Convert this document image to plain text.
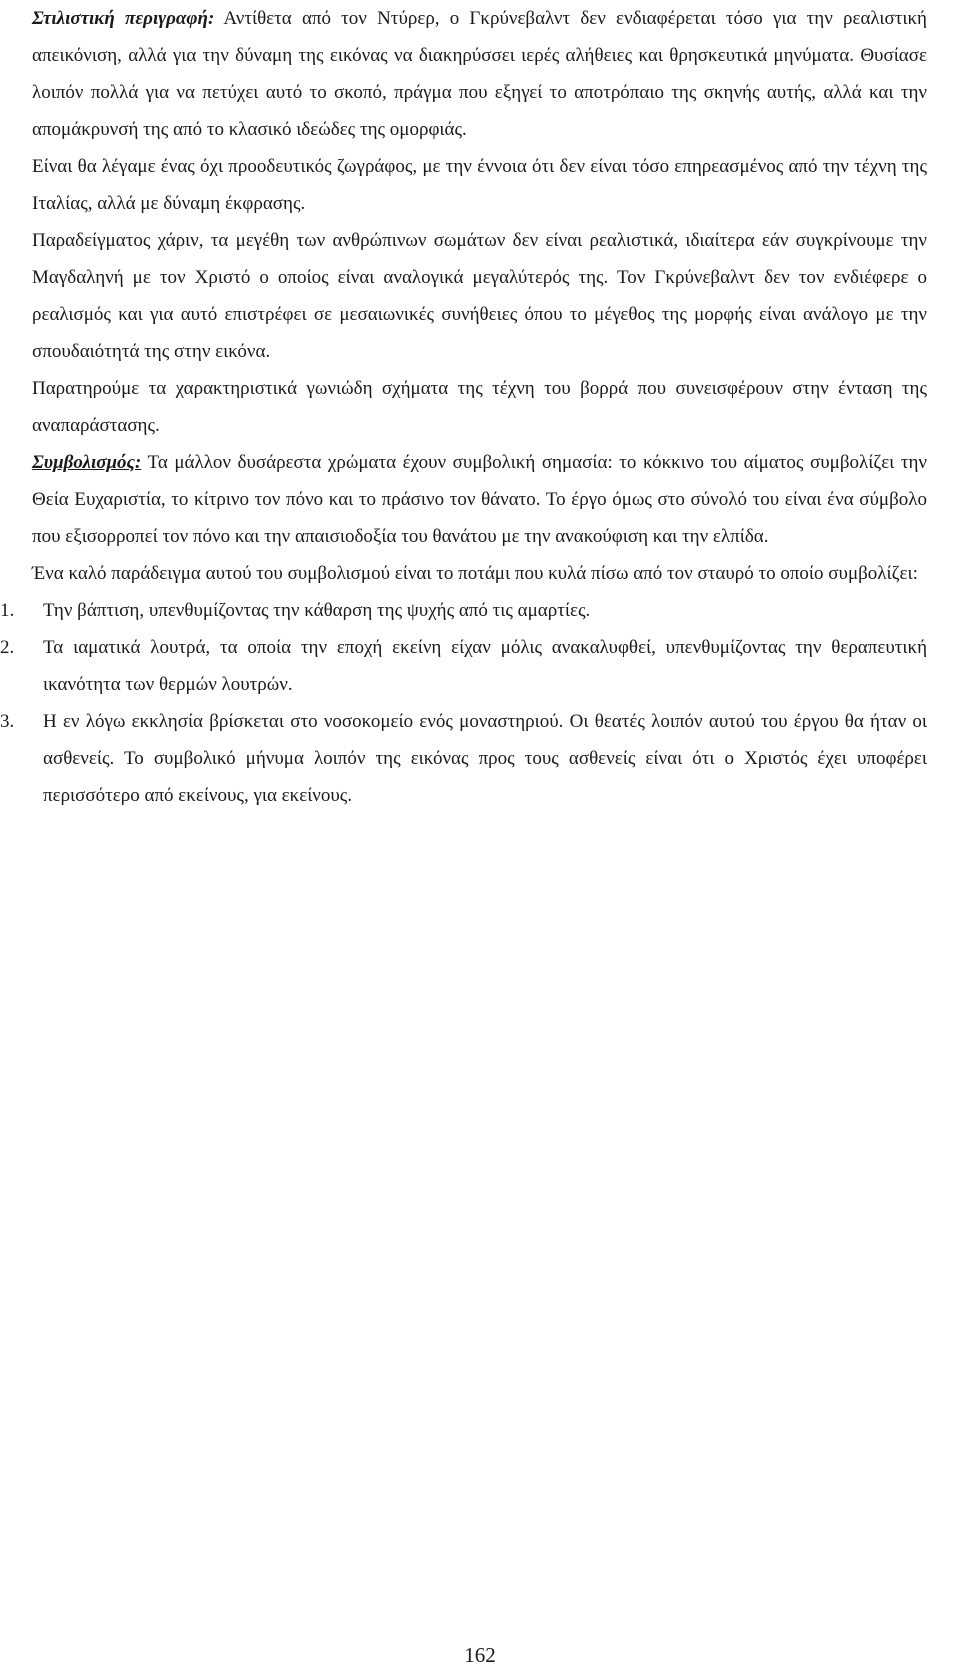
Στιλιστική περιγραφή: Αντίθετα από τον Ντύρερ, ο Γκρύνεβαλντ δεν ενδιαφέρεται τόσο για την ρεαλιστική απεικόνιση, αλλά για την δύναμη της εικόνας να διακηρύσσει ιερές αλήθειες και θρησκευτικά μηνύματα. Θυσίασε λοιπόν πολλά για να πετύχει αυτό το σκοπό, πράγμα που εξηγεί το αποτρόπαιο της σκηνής αυτής, αλλά και την απομάκρυνσή της από το κλασικό ιδεώδες της ομορφιάς.

Είναι θα λέγαμε ένας όχι προοδευτικός ζωγράφος, με την έννοια ότι δεν είναι τόσο επηρεασμένος από την τέχνη της Ιταλίας, αλλά με δύναμη έκφρασης.

Παραδείγματος χάριν, τα μεγέθη των ανθρώπινων σωμάτων δεν είναι ρεαλιστικά, ιδιαίτερα εάν συγκρίνουμε την Μαγδαληνή με τον Χριστό ο οποίος είναι αναλογικά μεγαλύτερός της. Τον Γκρύνεβαλντ δεν τον ενδιέφερε ο ρεαλισμός και για αυτό επιστρέφει σε μεσαιωνικές συνήθειες όπου το μέγεθος της μορφής είναι ανάλογο με την σπουδαιότητά της στην εικόνα.

Παρατηρούμε τα χαρακτηριστικά γωνιώδη σχήματα της τέχνη του βορρά που συνεισφέρουν στην ένταση της αναπαράστασης.

Συμβολισμός: Τα μάλλον δυσάρεστα χρώματα έχουν συμβολική σημασία: το κόκκινο του αίματος συμβολίζει την Θεία Ευχαριστία, το κίτρινο τον πόνο και το πράσινο τον θάνατο. Το έργο όμως στο σύνολό του είναι ένα σύμβολο που εξισορροπεί τον πόνο και την απαισιοδοξία του θανάτου με την ανακούφιση και την ελπίδα.

Ένα καλό παράδειγμα αυτού του συμβολισμού είναι το ποτάμι που κυλά πίσω από τον σταυρό το οποίο συμβολίζει:

1.	Την βάπτιση, υπενθυμίζοντας την κάθαρση της ψυχής από τις αμαρτίες.
2.	Τα ιαματικά λουτρά, τα οποία την εποχή εκείνη είχαν μόλις ανακαλυφθεί, υπενθυμίζοντας την θεραπευτική ικανότητα των θερμών λουτρών.
3.	Η εν λόγω εκκλησία βρίσκεται στο νοσοκομείο ενός μοναστηριού. Οι θεατές λοιπόν αυτού του έργου θα ήταν οι ασθενείς. Το συμβολικό μήνυμα λοιπόν της εικόνας προς τους ασθενείς είναι ότι ο Χριστός έχει υποφέρει περισσότερο από εκείνους, για εκείνους.
162
